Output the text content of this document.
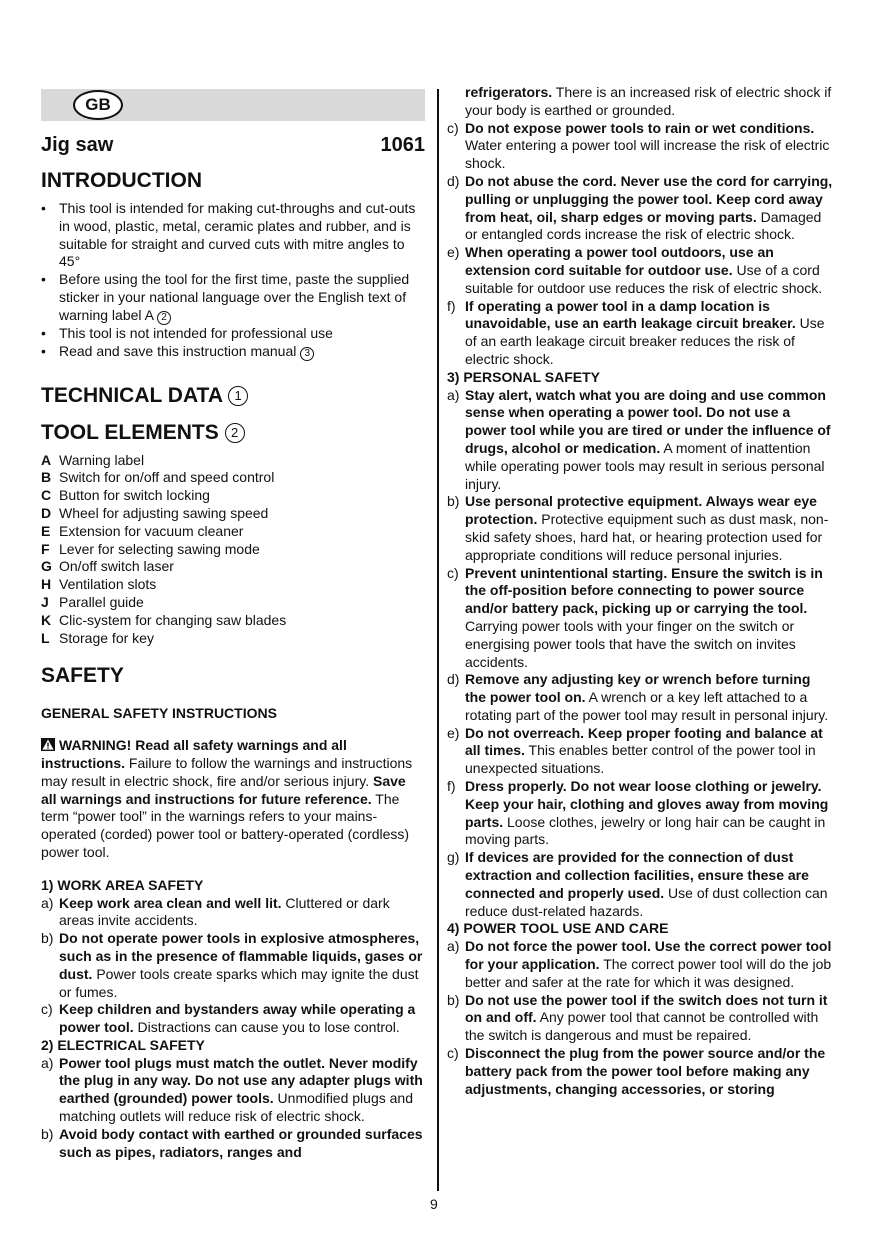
GB
Jig saw	1061
INTRODUCTION
• This tool is intended for making cut-throughs and cut-outs in wood, plastic, metal, ceramic plates and rubber, and is suitable for straight and curved cuts with mitre angles to 45°
• Before using the tool for the first time, paste the supplied sticker in your national language over the English text of warning label A 2
• This tool is not intended for professional use
• Read and save this instruction manual 3
TECHNICAL DATA 1
TOOL ELEMENTS 2
A Warning label
B Switch for on/off and speed control
C Button for switch locking
D Wheel for adjusting sawing speed
E Extension for vacuum cleaner
F Lever for selecting sawing mode
G On/off switch laser
H Ventilation slots
J Parallel guide
K Clic-system for changing saw blades
L Storage for key
SAFETY
GENERAL SAFETY INSTRUCTIONS
WARNING! Read all safety warnings and all instructions. Failure to follow the warnings and instructions may result in electric shock, fire and/or serious injury. Save all warnings and instructions for future reference. The term “power tool” in the warnings refers to your mains-operated (corded) power tool or battery-operated (cordless) power tool.
1) WORK AREA SAFETY
a) Keep work area clean and well lit. Cluttered or dark areas invite accidents.
b) Do not operate power tools in explosive atmospheres, such as in the presence of flammable liquids, gases or dust. Power tools create sparks which may ignite the dust or fumes.
c) Keep children and bystanders away while operating a power tool. Distractions can cause you to lose control.
2) ELECTRICAL SAFETY
a) Power tool plugs must match the outlet. Never modify the plug in any way. Do not use any adapter plugs with earthed (grounded) power tools. Unmodified plugs and matching outlets will reduce risk of electric shock.
b) Avoid body contact with earthed or grounded surfaces such as pipes, radiators, ranges and
refrigerators. There is an increased risk of electric shock if your body is earthed or grounded.
c) Do not expose power tools to rain or wet conditions. Water entering a power tool will increase the risk of electric shock.
d) Do not abuse the cord. Never use the cord for carrying, pulling or unplugging the power tool. Keep cord away from heat, oil, sharp edges or moving parts. Damaged or entangled cords increase the risk of electric shock.
e) When operating a power tool outdoors, use an extension cord suitable for outdoor use. Use of a cord suitable for outdoor use reduces the risk of electric shock.
f) If operating a power tool in a damp location is unavoidable, use an earth leakage circuit breaker. Use of an earth leakage circuit breaker reduces the risk of electric shock.
3) PERSONAL SAFETY
a) Stay alert, watch what you are doing and use common sense when operating a power tool. Do not use a power tool while you are tired or under the influence of drugs, alcohol or medication. A moment of inattention while operating power tools may result in serious personal injury.
b) Use personal protective equipment. Always wear eye protection. Protective equipment such as dust mask, non-skid safety shoes, hard hat, or hearing protection used for appropriate conditions will reduce personal injuries.
c) Prevent unintentional starting. Ensure the switch is in the off-position before connecting to power source and/or battery pack, picking up or carrying the tool. Carrying power tools with your finger on the switch or energising power tools that have the switch on invites accidents.
d) Remove any adjusting key or wrench before turning the power tool on. A wrench or a key left attached to a rotating part of the power tool may result in personal injury.
e) Do not overreach. Keep proper footing and balance at all times. This enables better control of the power tool in unexpected situations.
f) Dress properly. Do not wear loose clothing or jewelry. Keep your hair, clothing and gloves away from moving parts. Loose clothes, jewelry or long hair can be caught in moving parts.
g) If devices are provided for the connection of dust extraction and collection facilities, ensure these are connected and properly used. Use of dust collection can reduce dust-related hazards.
4) POWER TOOL USE AND CARE
a) Do not force the power tool. Use the correct power tool for your application. The correct power tool will do the job better and safer at the rate for which it was designed.
b) Do not use the power tool if the switch does not turn it on and off. Any power tool that cannot be controlled with the switch is dangerous and must be repaired.
c) Disconnect the plug from the power source and/or the battery pack from the power tool before making any adjustments, changing accessories, or storing
9
